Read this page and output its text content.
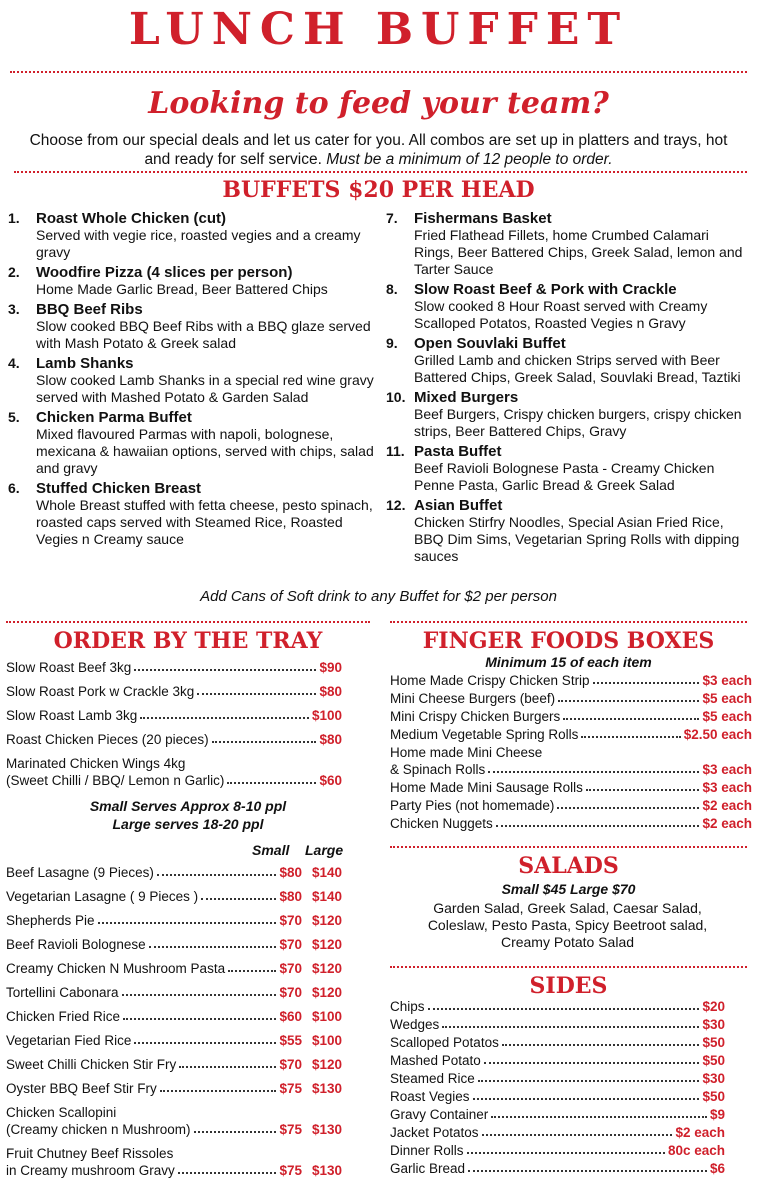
LUNCH BUFFET
Looking to feed your team?
Choose from our special deals and let us cater for you. All combos are set up in platters and trays, hot and ready for self service. Must be a minimum of 12 people to order.
BUFFETS $20 PER HEAD
1.	Roast Whole Chicken (cut)
Served with vegie rice, roasted vegies and a creamy gravy
2.	Woodfire Pizza (4 slices per person)
Home Made Garlic Bread, Beer Battered Chips
3.	BBQ Beef Ribs
Slow cooked BBQ Beef Ribs with a BBQ glaze served with Mash Potato & Greek salad
4.	Lamb Shanks
Slow cooked Lamb Shanks in a special red wine gravy served with Mashed Potato & Garden Salad
5.	Chicken Parma Buffet
Mixed flavoured Parmas with napoli, bolognese, mexicana & hawaiian options, served with chips, salad and gravy
6.	Stuffed Chicken Breast
Whole Breast stuffed with fetta cheese, pesto spinach, roasted caps served with Steamed Rice, Roasted Vegies n Creamy sauce
7.	Fishermans Basket
Fried Flathead Fillets, home Crumbed Calamari Rings, Beer Battered Chips, Greek Salad, lemon and Tarter Sauce
8.	Slow Roast Beef & Pork with Crackle
Slow cooked 8 Hour Roast served with Creamy Scalloped Potatos, Roasted Vegies n Gravy
9.	Open Souvlaki Buffet
Grilled Lamb and chicken Strips served with Beer Battered Chips, Greek Salad, Souvlaki Bread, Taztiki
10. Mixed Burgers
Beef Burgers, Crispy chicken burgers, crispy chicken strips, Beer Battered Chips, Gravy
11. Pasta Buffet
Beef Ravioli Bolognese Pasta - Creamy Chicken Penne Pasta, Garlic Bread & Greek Salad
12. Asian Buffet
Chicken Stirfry Noodles, Special Asian Fried Rice, BBQ Dim Sims, Vegetarian Spring Rolls with dipping sauces
Add Cans of Soft drink to any Buffet for $2 per person
ORDER BY THE TRAY
Slow Roast Beef 3kg	$90
Slow Roast Pork w Crackle 3kg	$80
Slow Roast Lamb 3kg	$100
Roast Chicken Pieces (20 pieces)	$80
Marinated Chicken Wings 4kg
(Sweet Chilli / BBQ/ Lemon n Garlic)	$60
Small Serves Approx 8-10 ppl
Large serves 18-20 ppl
Small Large
Beef Lasagne (9 Pieces)	$80 $140
Vegetarian Lasagne ( 9 Pieces )	$80 $140
Shepherds Pie	$70 $120
Beef Ravioli Bolognese	$70 $120
Creamy Chicken N Mushroom Pasta	$70 $120
Tortellini Cabonara	$70 $120
Chicken Fried Rice	$60 $100
Vegetarian Fied Rice	$55 $100
Sweet Chilli Chicken Stir Fry	$70 $120
Oyster BBQ Beef Stir Fry	$75 $130
Chicken Scallopini
(Creamy chicken n Mushroom)	$75 $130
Fruit Chutney Beef Rissoles
in Creamy mushroom Gravy	$75 $130
FINGER FOODS BOXES
Minimum 15 of each item
Home Made Crispy Chicken Strip	$3 each
Mini Cheese Burgers (beef)	$5 each
Mini Crispy Chicken Burgers	$5 each
Medium Vegetable Spring Rolls	$2.50 each
Home made Mini Cheese
& Spinach Rolls	$3 each
Home Made Mini Sausage Rolls	$3 each
Party Pies (not homemade)	$2 each
Chicken Nuggets	$2 each
SALADS
Small $45 Large $70
Garden Salad, Greek Salad, Caesar Salad,
Coleslaw, Pesto Pasta, Spicy Beetroot salad,
Creamy Potato Salad
SIDES
Chips	$20
Wedges	$30
Scalloped Potatos	$50
Mashed Potato	$50
Steamed Rice	$30
Roast Vegies	$50
Gravy Container	$9
Jacket Potatos	$2 each
Dinner Rolls	80c each
Garlic Bread	$6
